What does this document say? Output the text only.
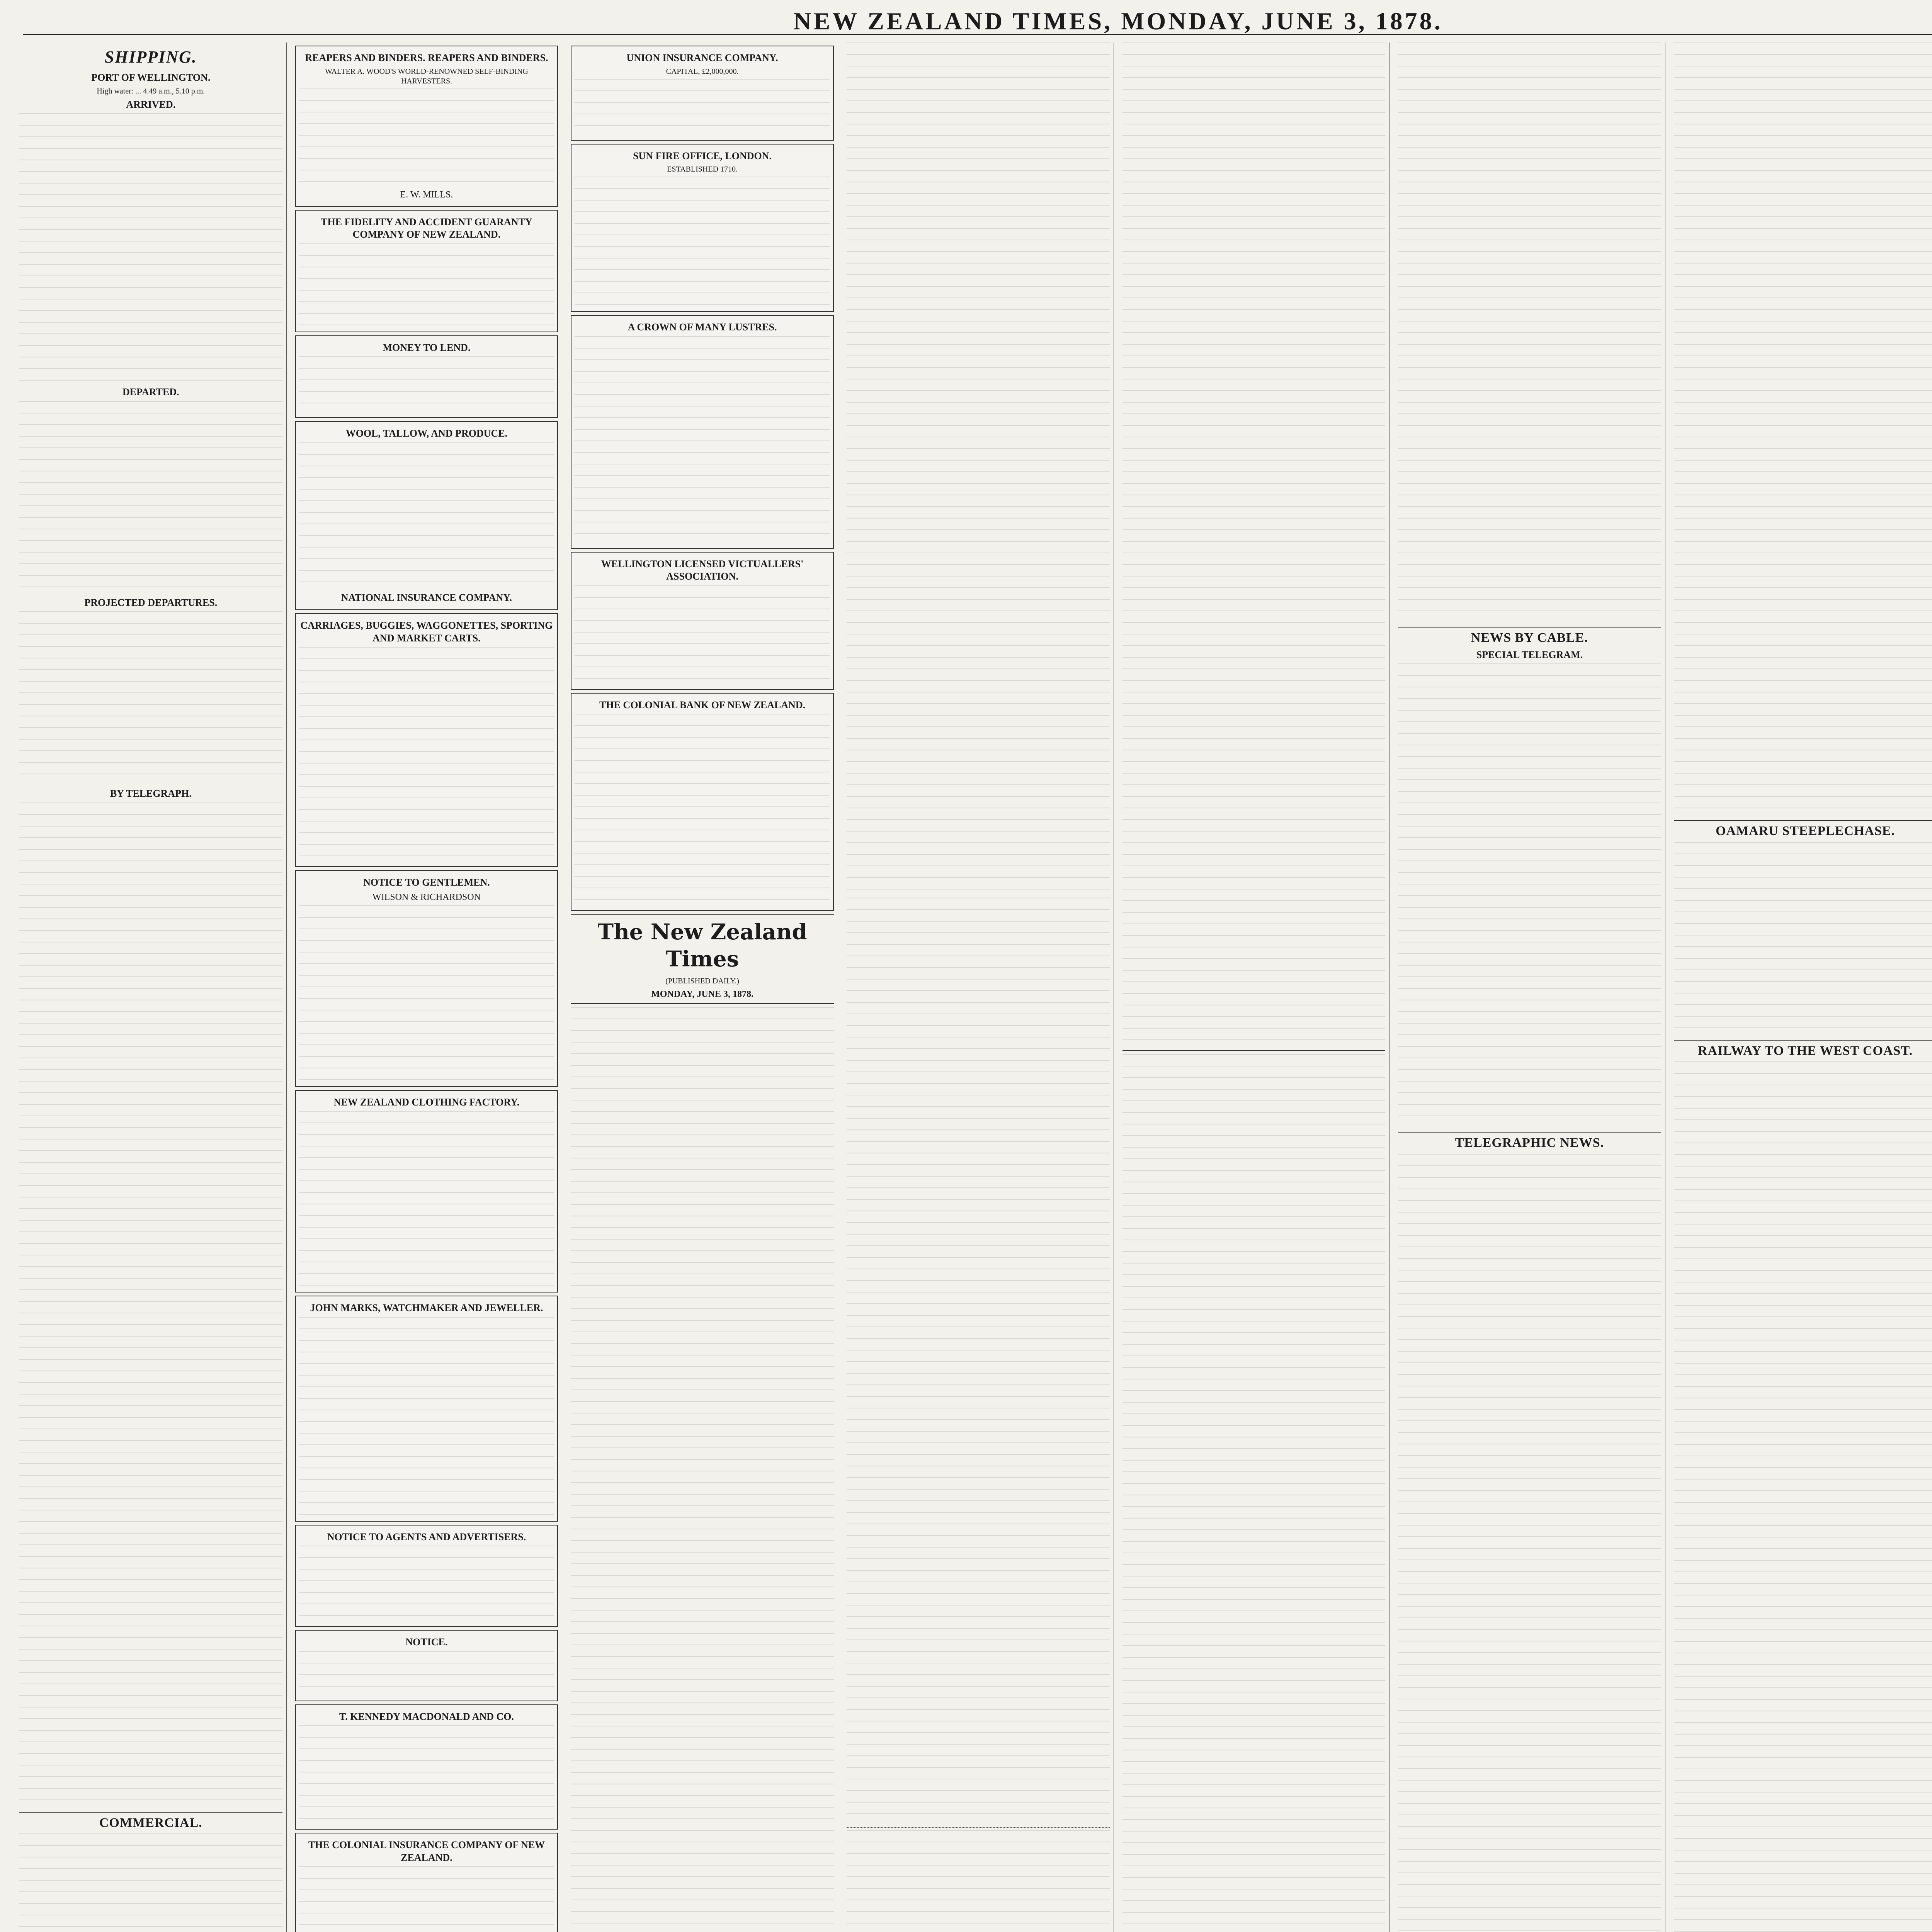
NEW ZEALAND TIMES, MONDAY, JUNE 3, 1878.
SHIPPING.
PORT OF WELLINGTON.

High water: ... 4.49 a.m., 5.10 p.m.

ARRIVED.
DEPARTED.
PROJECTED DEPARTURES.
BY TELEGRAPH.
COMMERCIAL.
REAPERS AND BINDERS. REAPERS AND BINDERS.

WALTER A. WOOD'S WORLD-RENOWNED SELF-BINDING HARVESTERS.

E. W. MILLS.

THE FIDELITY AND ACCIDENT GUARANTY COMPANY OF NEW ZEALAND.
MONEY TO LEND.
WOOL, TALLOW, AND PRODUCE.
NATIONAL INSURANCE COMPANY.
CARRIAGES, BUGGIES, WAGGONETTES, SPORTING AND MARKET CARTS.
NOTICE TO GENTLEMEN.

WILSON & RICHARDSON

NEW ZEALAND CLOTHING FACTORY.
JOHN MARKS, WATCHMAKER AND JEWELLER.
NOTICE TO AGENTS AND ADVERTISERS.
NOTICE.
T. KENNEDY MACDONALD AND CO.
THE COLONIAL INSURANCE COMPANY OF NEW ZEALAND.
UNION INSURANCE COMPANY.

CAPITAL, £2,000,000.

SUN FIRE OFFICE, LONDON.

ESTABLISHED 1710.

A CROWN OF MANY LUSTRES.
WELLINGTON LICENSED VICTUALLERS' ASSOCIATION.
THE COLONIAL BANK OF NEW ZEALAND.
The New Zealand Times

(PUBLISHED DAILY.)

MONDAY, JUNE 3, 1878.
NEWS BY CABLE.
SPECIAL TELEGRAM.
TELEGRAPHIC NEWS.
OAMARU STEEPLECHASE.
RAILWAY TO THE WEST COAST.
